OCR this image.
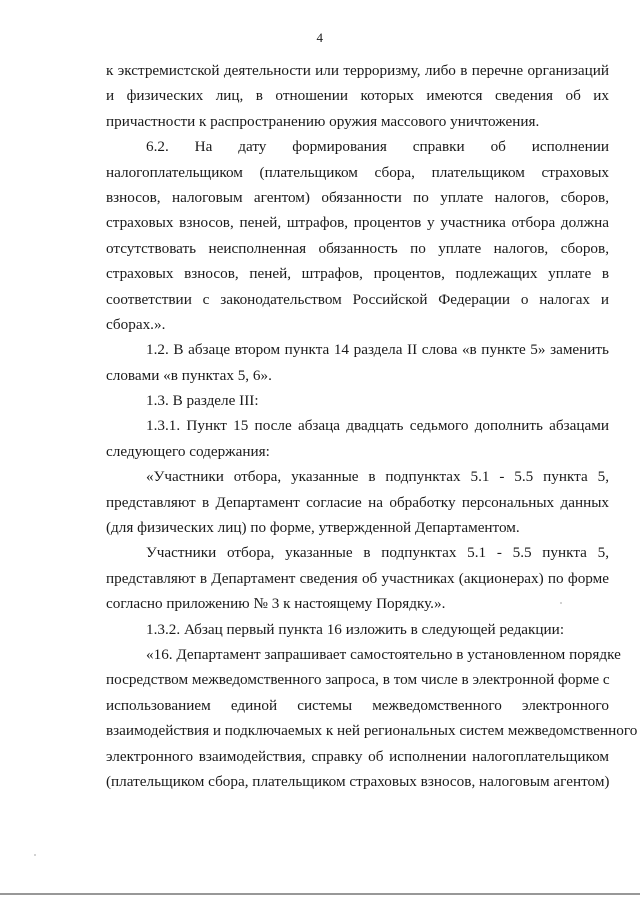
4
к экстремистской деятельности или терроризму, либо в перечне организаций
и физических лиц, в отношении которых имеются сведения об их
причастности к распространению оружия массового уничтожения.
6.2. На дату формирования справки об исполнении
налогоплательщиком (плательщиком сбора, плательщиком страховых
взносов, налоговым агентом) обязанности по уплате налогов, сборов,
страховых взносов, пеней, штрафов, процентов у участника отбора должна
отсутствовать неисполненная обязанность по уплате налогов, сборов,
страховых взносов, пеней, штрафов, процентов, подлежащих уплате в
соответствии с законодательством Российской Федерации о налогах и
сборах.».
1.2. В абзаце втором пункта 14 раздела II слова «в пункте 5» заменить
словами «в пунктах 5, 6».
1.3. В разделе III:
1.3.1. Пункт 15 после абзаца двадцать седьмого дополнить абзацами
следующего содержания:
«Участники отбора, указанные в подпунктах 5.1 - 5.5 пункта 5,
представляют в Департамент согласие на обработку персональных данных
(для физических лиц) по форме, утвержденной Департаментом.
Участники отбора, указанные в подпунктах 5.1 - 5.5 пункта 5,
представляют в Департамент сведения об участниках (акционерах) по форме
согласно приложению № 3 к настоящему Порядку.».
1.3.2. Абзац первый пункта 16 изложить в следующей редакции:
«16. Департамент запрашивает самостоятельно в установленном порядке
посредством межведомственного запроса, в том числе в электронной форме с
использованием единой системы межведомственного электронного
взаимодействия и подключаемых к ней региональных систем межведомственного
электронного взаимодействия, справку об исполнении налогоплательщиком
(плательщиком сбора, плательщиком страховых взносов, налоговым агентом)
